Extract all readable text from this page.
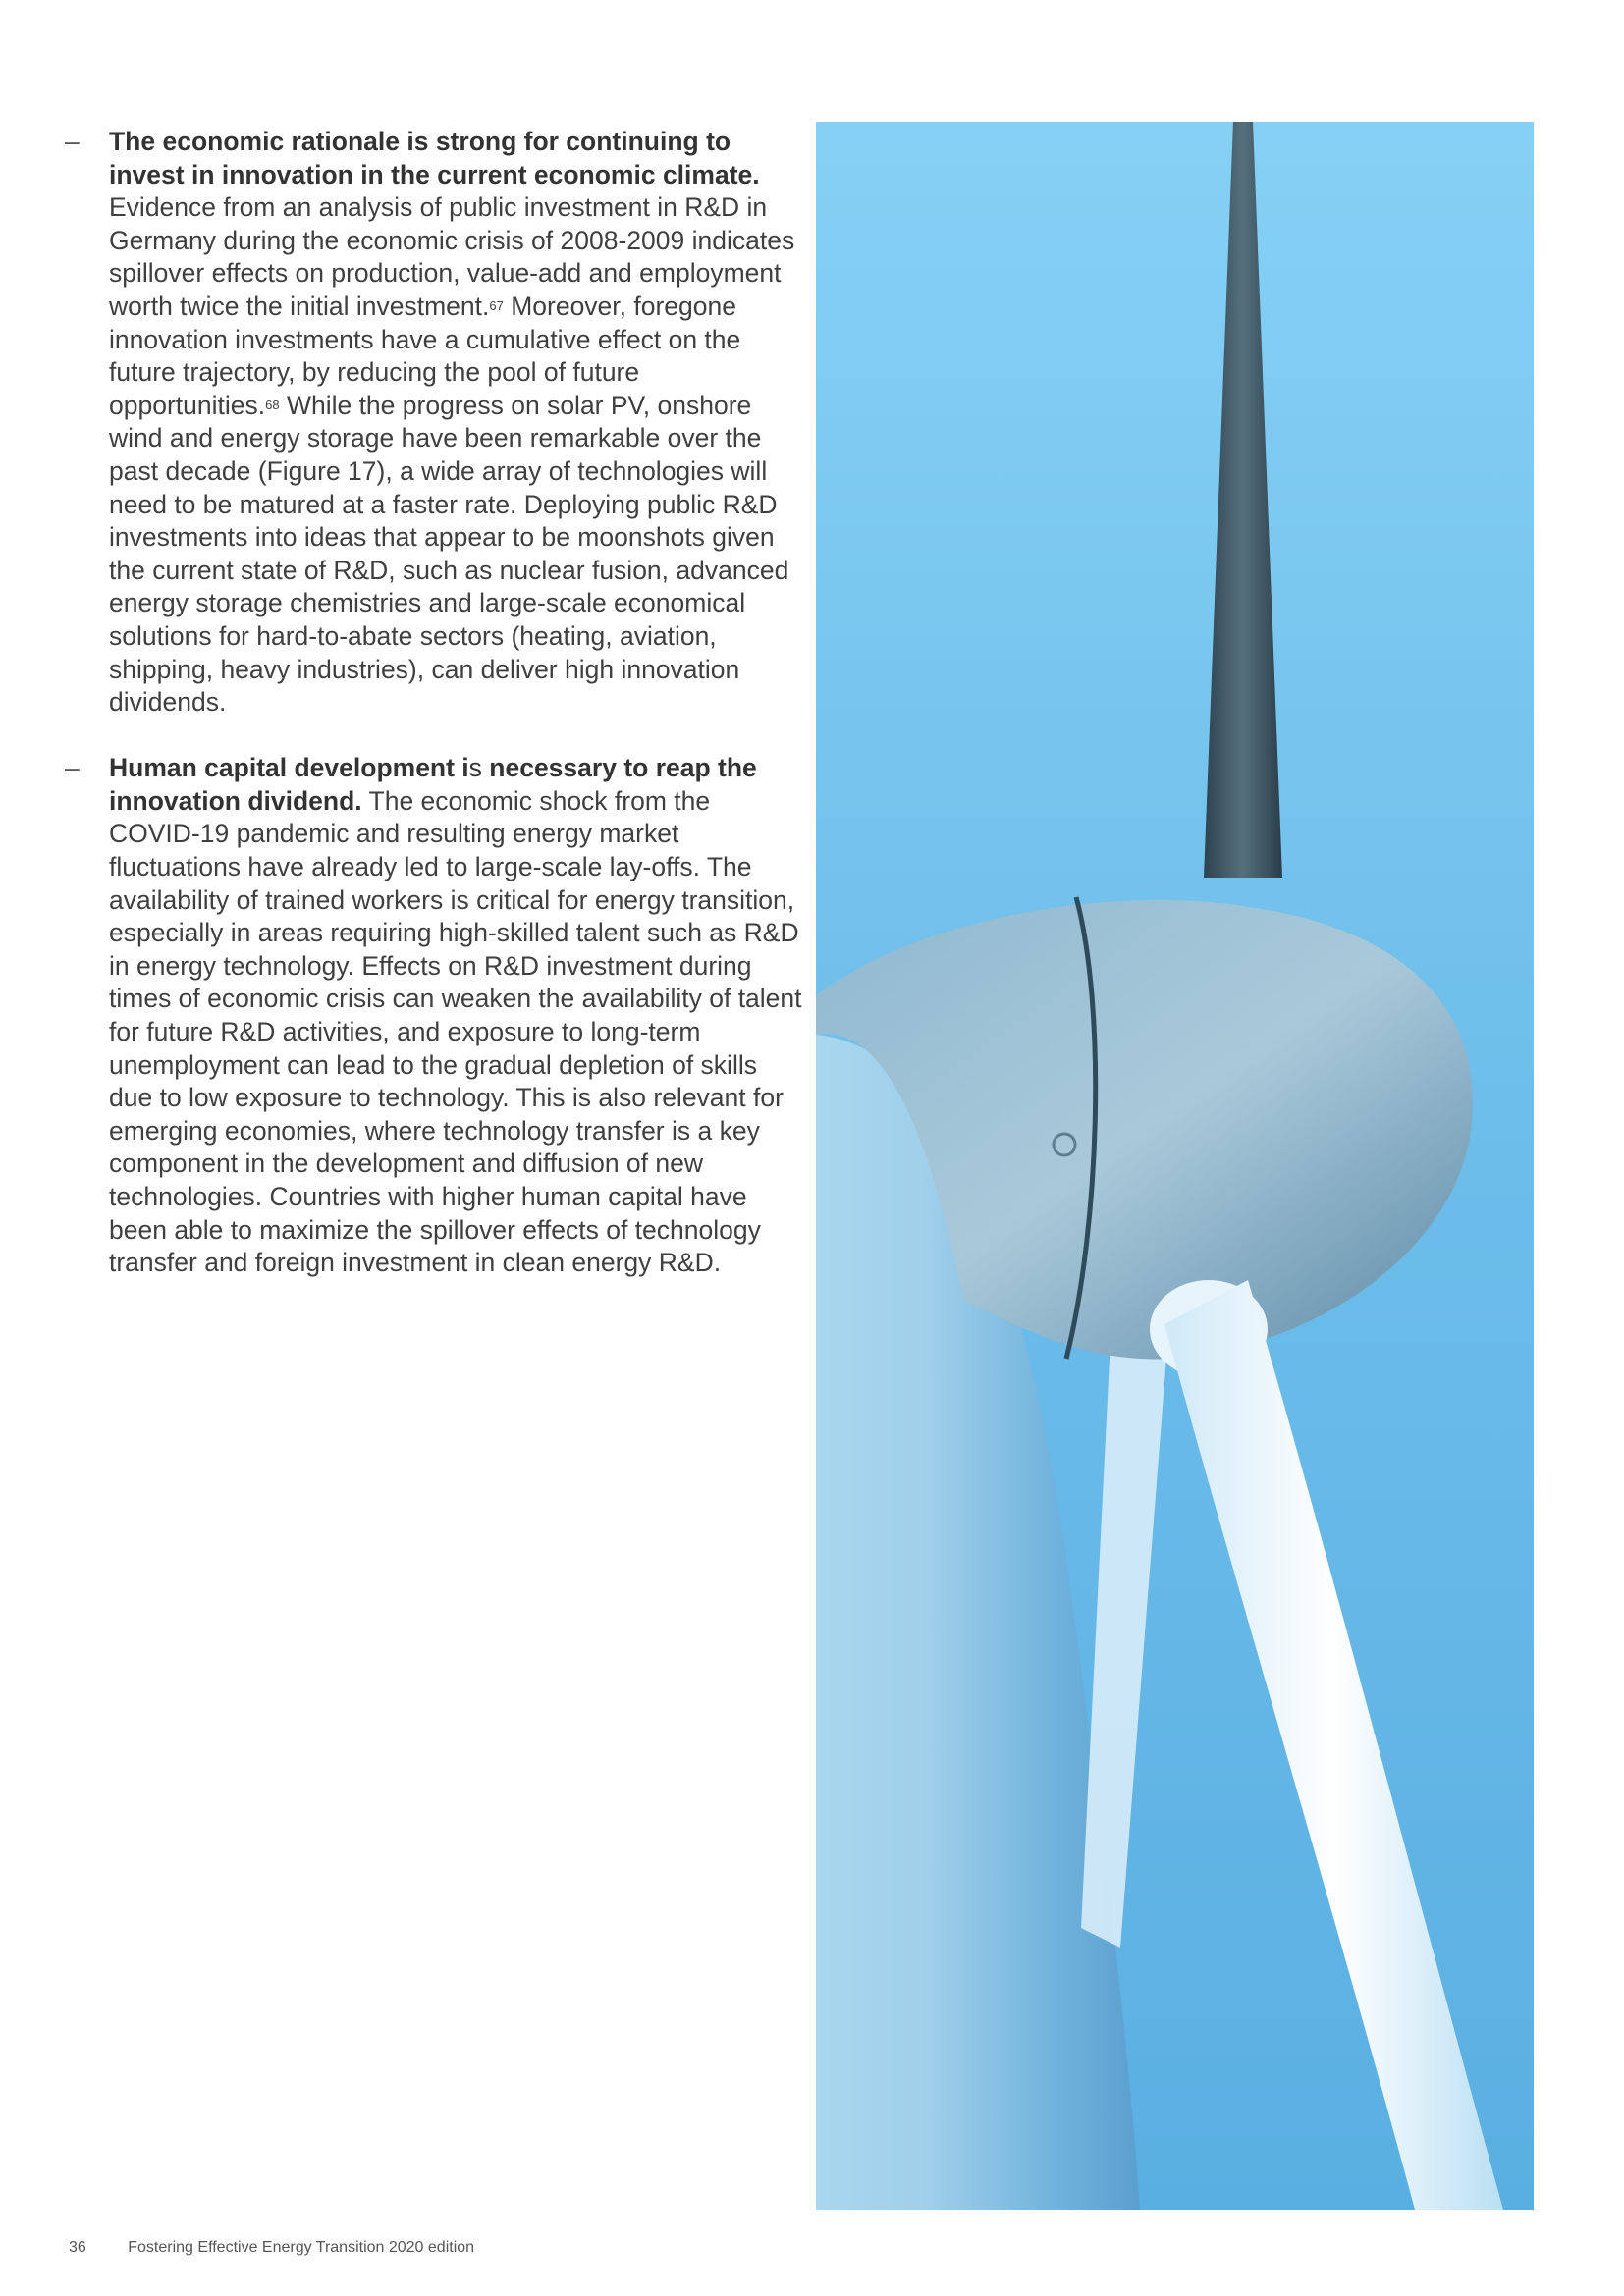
– The economic rationale is strong for continuing to invest in innovation in the current economic climate. Evidence from an analysis of public investment in R&D in Germany during the economic crisis of 2008-2009 indicates spillover effects on production, value-add and employment worth twice the initial investment.$^{67}$ Moreover, foregone innovation investments have a cumulative effect on the future trajectory, by reducing the pool of future opportunities.$^{68}$ While the progress on solar PV, onshore wind and energy storage have been remarkable over the past decade (Figure 17), a wide array of technologies will need to be matured at a faster rate. Deploying public R&D investments into ideas that appear to be moonshots given the current state of R&D, such as nuclear fusion, advanced energy storage chemistries and large-scale economical solutions for hard-to-abate sectors (heating, aviation, shipping, heavy industries), can deliver high innovation dividends.
– Human capital development is necessary to reap the innovation dividend. The economic shock from the COVID-19 pandemic and resulting energy market fluctuations have already led to large-scale lay-offs. The availability of trained workers is critical for energy transition, especially in areas requiring high-skilled talent such as R&D in energy technology. Effects on R&D investment during times of economic crisis can weaken the availability of talent for future R&D activities, and exposure to long-term unemployment can lead to the gradual depletion of skills due to low exposure to technology. This is also relevant for emerging economies, where technology transfer is a key component in the development and diffusion of new technologies. Countries with higher human capital have been able to maximize the spillover effects of technology transfer and foreign investment in clean energy R&D.
36	Fostering Effective Energy Transition 2020 edition
